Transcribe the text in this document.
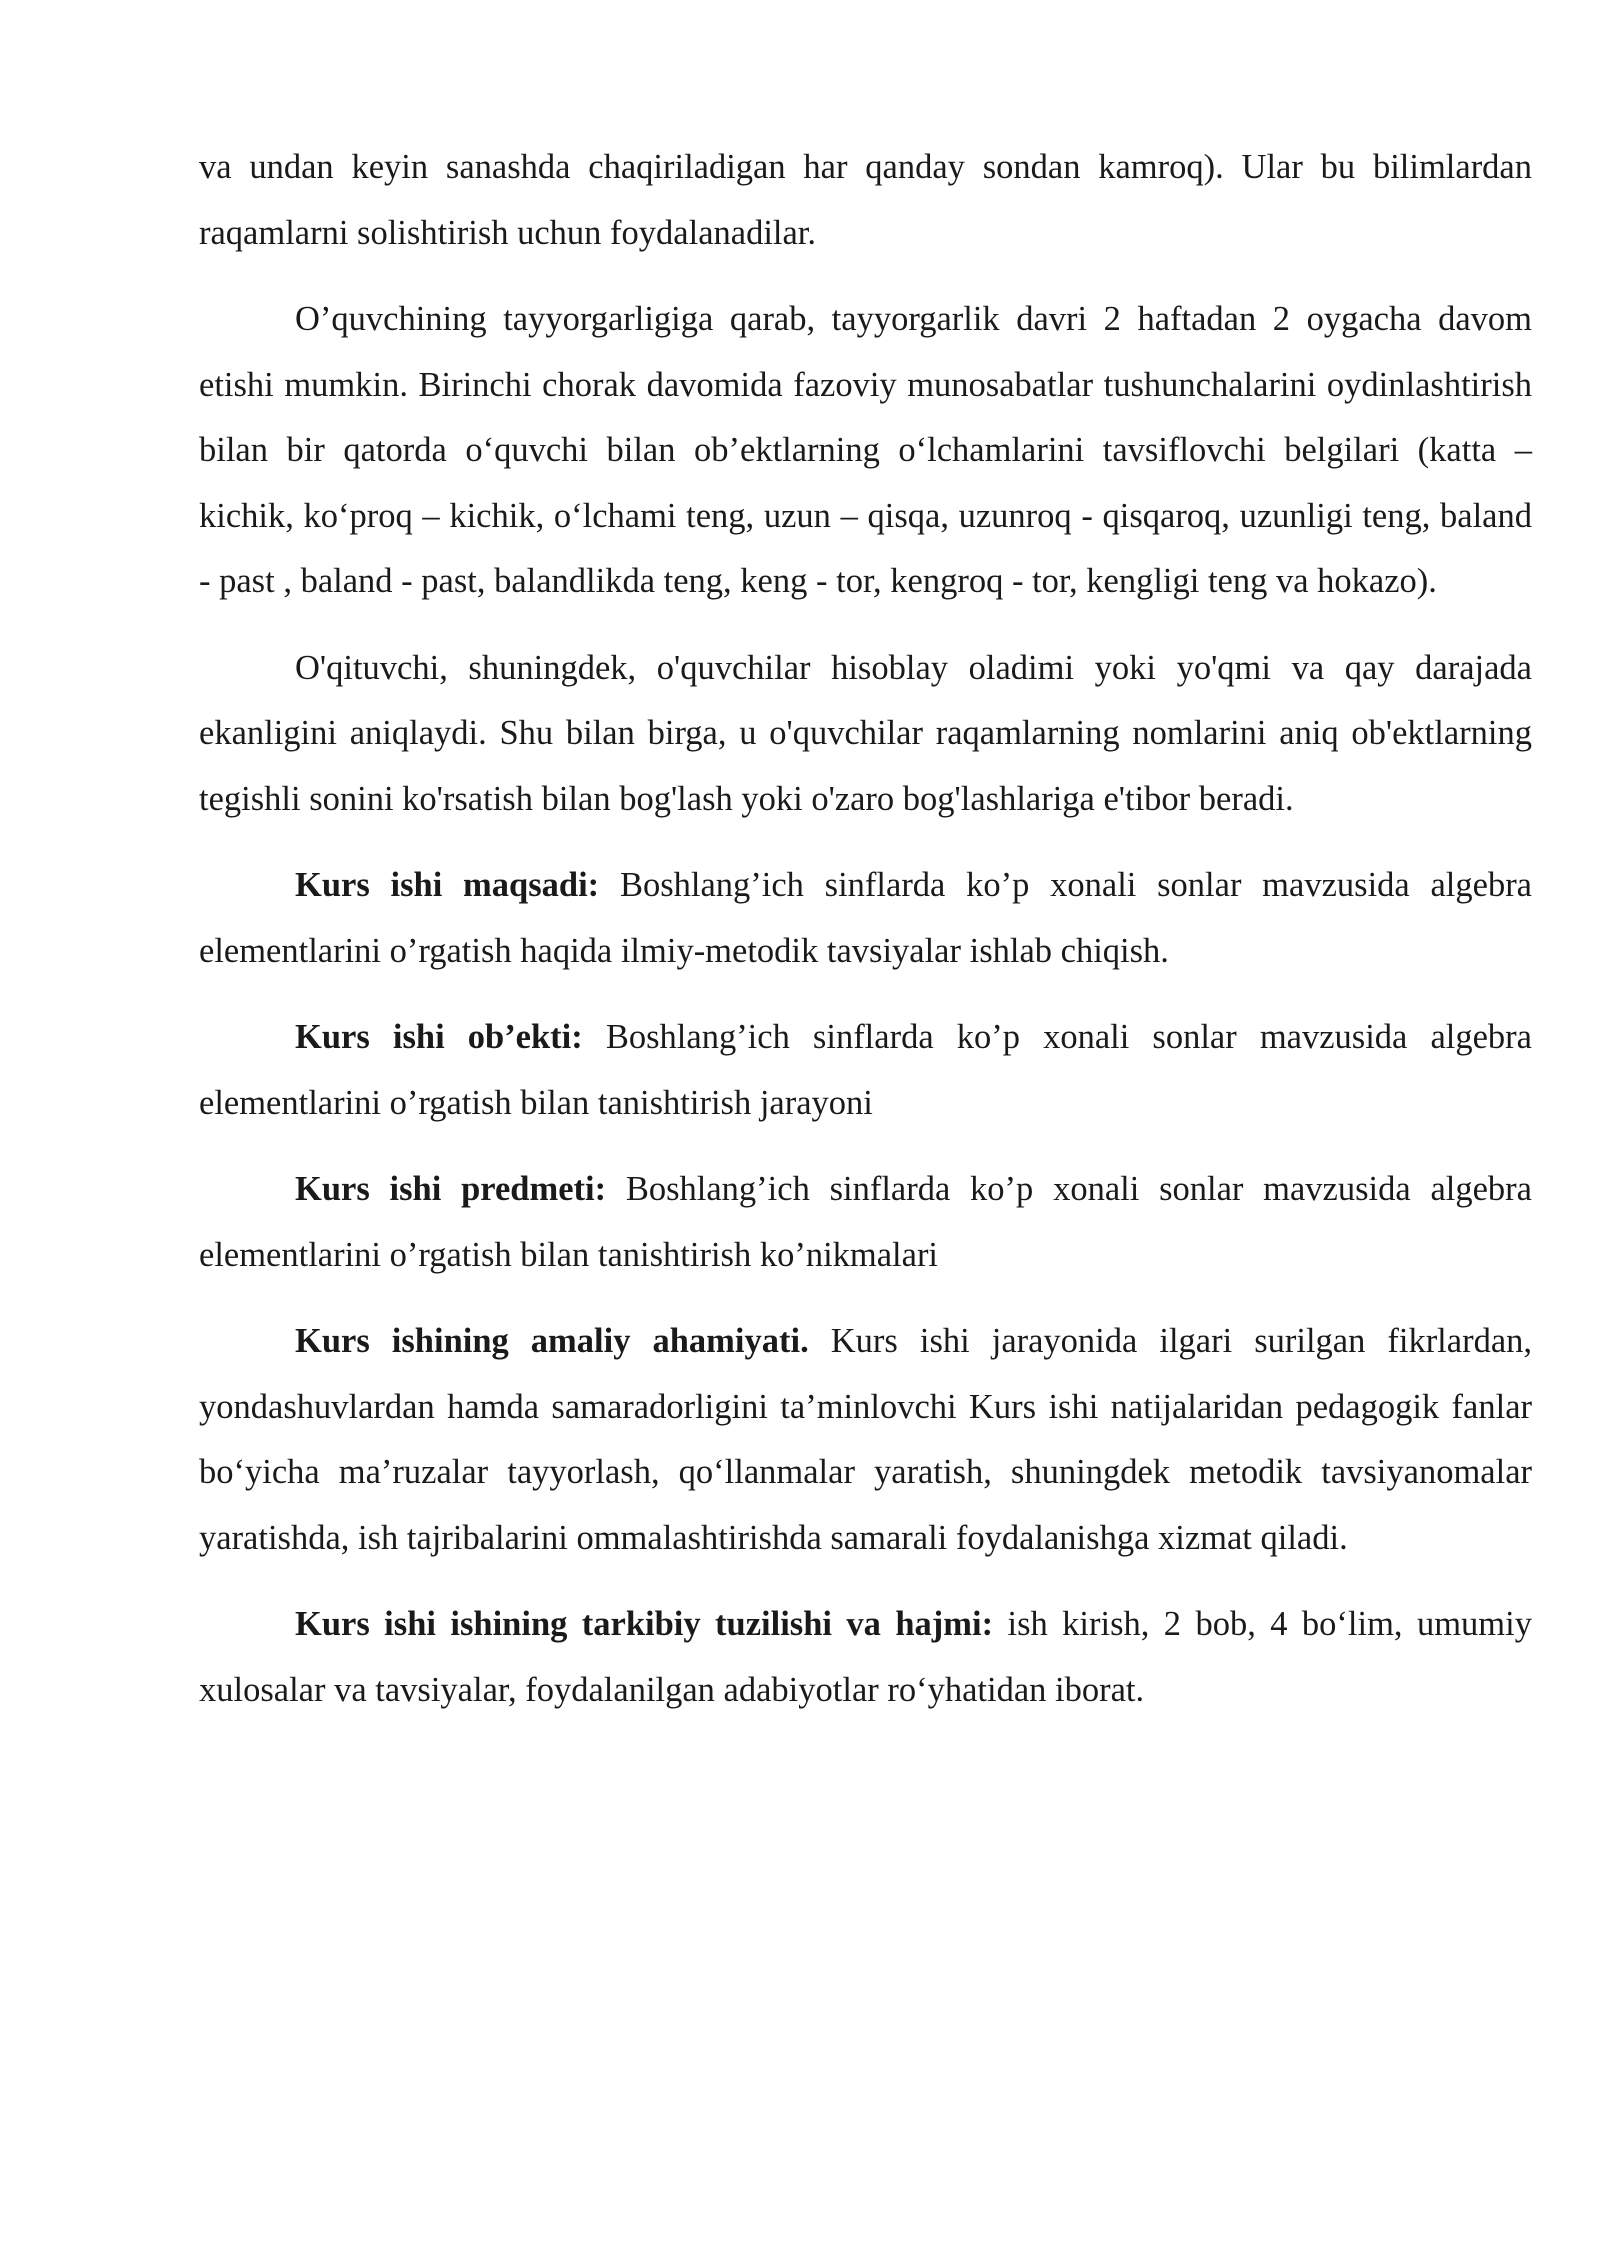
va undan keyin sanashda chaqiriladigan har qanday sondan kamroq). Ular bu bilimlardan raqamlarni solishtirish uchun foydalanadilar.

O’quvchining tayyorgarligiga qarab, tayyorgarlik davri 2 haftadan 2 oygacha davom etishi mumkin. Birinchi chorak davomida fazoviy munosabatlar tushunchalarini oydinlashtirish bilan bir qatorda o‘quvchi bilan ob’ektlarning o‘lchamlarini tavsiflovchi belgilari (katta – kichik, ko‘proq – kichik, o‘lchami teng, uzun – qisqa, uzunroq - qisqaroq, uzunligi teng, baland - past , baland - past, balandlikda teng, keng - tor, kengroq - tor, kengligi teng va hokazo).

O'qituvchi, shuningdek, o'quvchilar hisoblay oladimi yoki yo'qmi va qay darajada ekanligini aniqlaydi. Shu bilan birga, u o'quvchilar raqamlarning nomlarini aniq ob'ektlarning tegishli sonini ko'rsatish bilan bog'lash yoki o'zaro bog'lashlariga e'tibor beradi.

Kurs ishi maqsadi: Boshlang’ich sinflarda ko’p xonali sonlar mavzusida algebra elementlarini o’rgatish haqida ilmiy-metodik tavsiyalar ishlab chiqish.

Kurs ishi ob’ekti: Boshlang’ich sinflarda ko’p xonali sonlar mavzusida algebra elementlarini o’rgatish bilan tanishtirish jarayoni

Kurs ishi predmeti: Boshlang’ich sinflarda ko’p xonali sonlar mavzusida algebra elementlarini o’rgatish bilan tanishtirish ko’nikmalari

Kurs ishining amaliy ahamiyati. Kurs ishi jarayonida ilgari surilgan fikrlardan, yondashuvlardan hamda samaradorligini ta’minlovchi Kurs ishi natijalaridan pedagogik fanlar bo‘yicha ma’ruzalar tayyorlash, qo‘llanmalar yaratish, shuningdek metodik tavsiyanomalar yaratishda, ish tajribalarini ommalashtirishda samarali foydalanishga xizmat qiladi.

Kurs ishi ishining tarkibiy tuzilishi va hajmi: ish kirish, 2 bob, 4 bo‘lim, umumiy xulosalar va tavsiyalar, foydalanilgan adabiyotlar ro‘yhatidan iborat.
